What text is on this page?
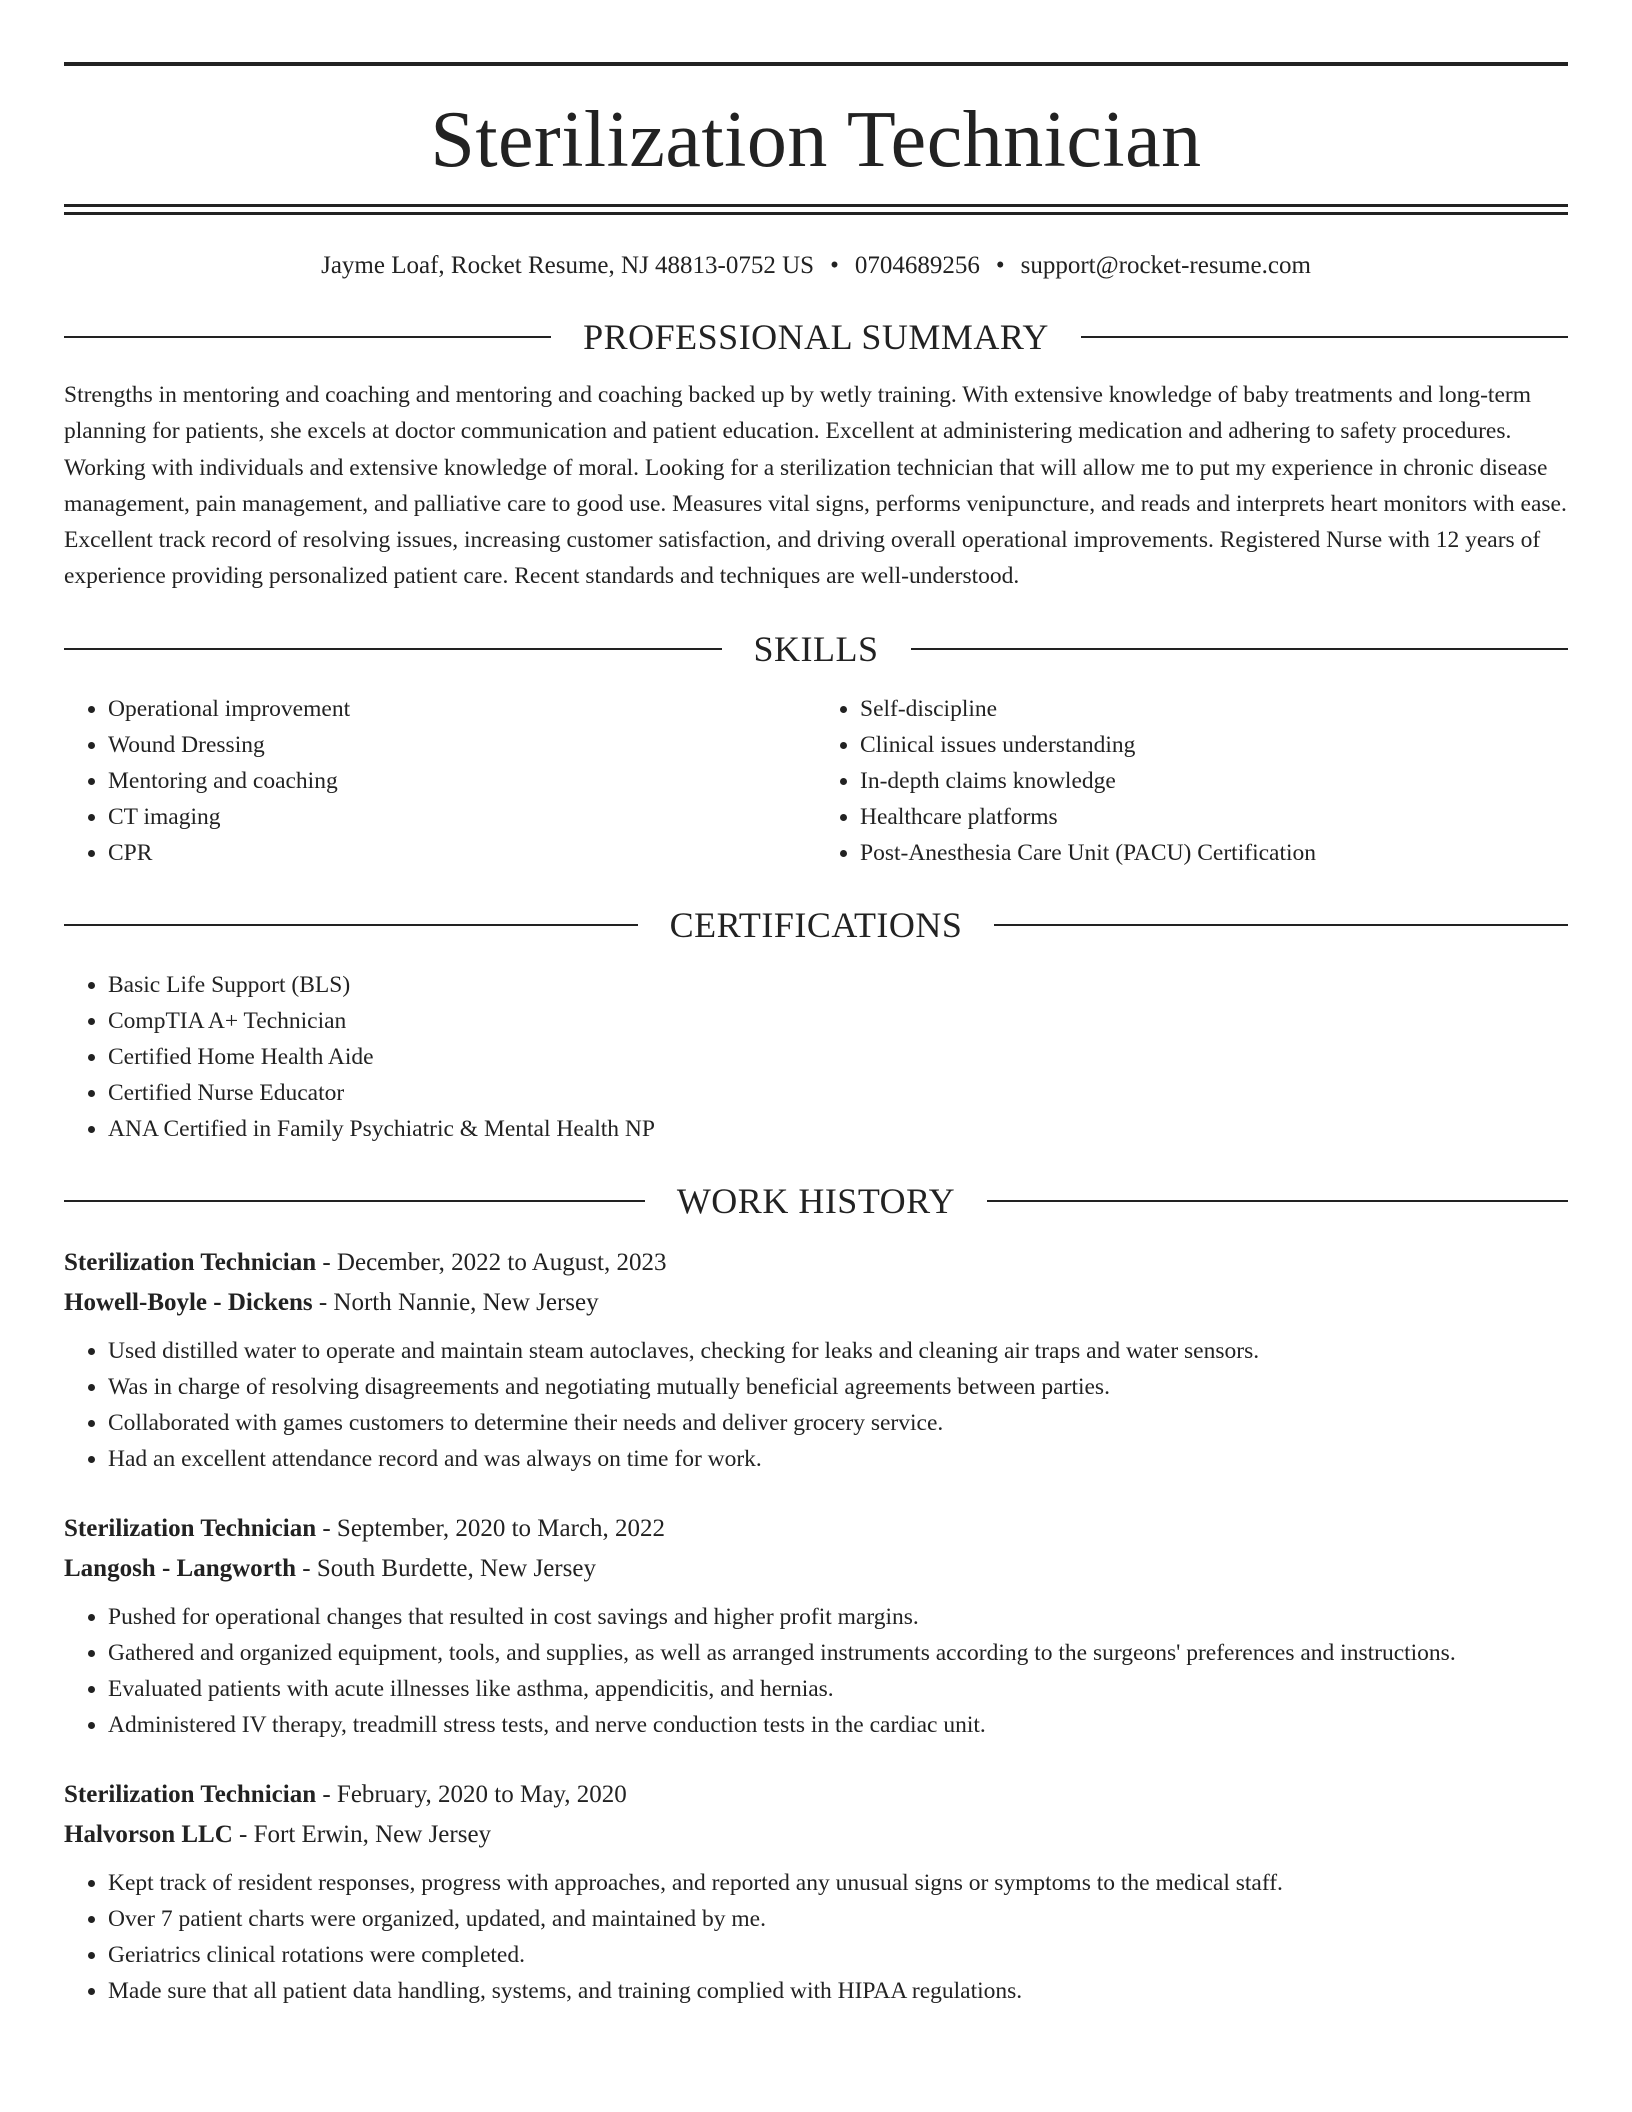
Sterilization Technician
Jayme Loaf, Rocket Resume, NJ 48813-0752 US • 0704689256 • support@rocket-resume.com
PROFESSIONAL SUMMARY

Strengths in mentoring and coaching and mentoring and coaching backed up by wetly training. With extensive knowledge of baby treatments and long-term planning for patients, she excels at doctor communication and patient education. Excellent at administering medication and adhering to safety procedures. Working with individuals and extensive knowledge of moral. Looking for a sterilization technician that will allow me to put my experience in chronic disease management, pain management, and palliative care to good use. Measures vital signs, performs venipuncture, and reads and interprets heart monitors with ease. Excellent track record of resolving issues, increasing customer satisfaction, and driving overall operational improvements. Registered Nurse with 12 years of experience providing personalized patient care. Recent standards and techniques are well-understood.

SKILLS
• Operational improvement
• Wound Dressing
• Mentoring and coaching
• CT imaging
• CPR
• Self-discipline
• Clinical issues understanding
• In-depth claims knowledge
• Healthcare platforms
• Post-Anesthesia Care Unit (PACU) Certification
CERTIFICATIONS
• Basic Life Support (BLS)
• CompTIA A+ Technician
• Certified Home Health Aide
• Certified Nurse Educator
• ANA Certified in Family Psychiatric & Mental Health NP
WORK HISTORY
Sterilization Technician - December, 2022 to August, 2023
Howell-Boyle - Dickens - North Nannie, New Jersey
• Used distilled water to operate and maintain steam autoclaves, checking for leaks and cleaning air traps and water sensors.
• Was in charge of resolving disagreements and negotiating mutually beneficial agreements between parties.
• Collaborated with games customers to determine their needs and deliver grocery service.
• Had an excellent attendance record and was always on time for work.
Sterilization Technician - September, 2020 to March, 2022
Langosh - Langworth - South Burdette, New Jersey
• Pushed for operational changes that resulted in cost savings and higher profit margins.
• Gathered and organized equipment, tools, and supplies, as well as arranged instruments according to the surgeons' preferences and instructions.
• Evaluated patients with acute illnesses like asthma, appendicitis, and hernias.
• Administered IV therapy, treadmill stress tests, and nerve conduction tests in the cardiac unit.
Sterilization Technician - February, 2020 to May, 2020
Halvorson LLC - Fort Erwin, New Jersey
• Kept track of resident responses, progress with approaches, and reported any unusual signs or symptoms to the medical staff.
• Over 7 patient charts were organized, updated, and maintained by me.
• Geriatrics clinical rotations were completed.
• Made sure that all patient data handling, systems, and training complied with HIPAA regulations.
